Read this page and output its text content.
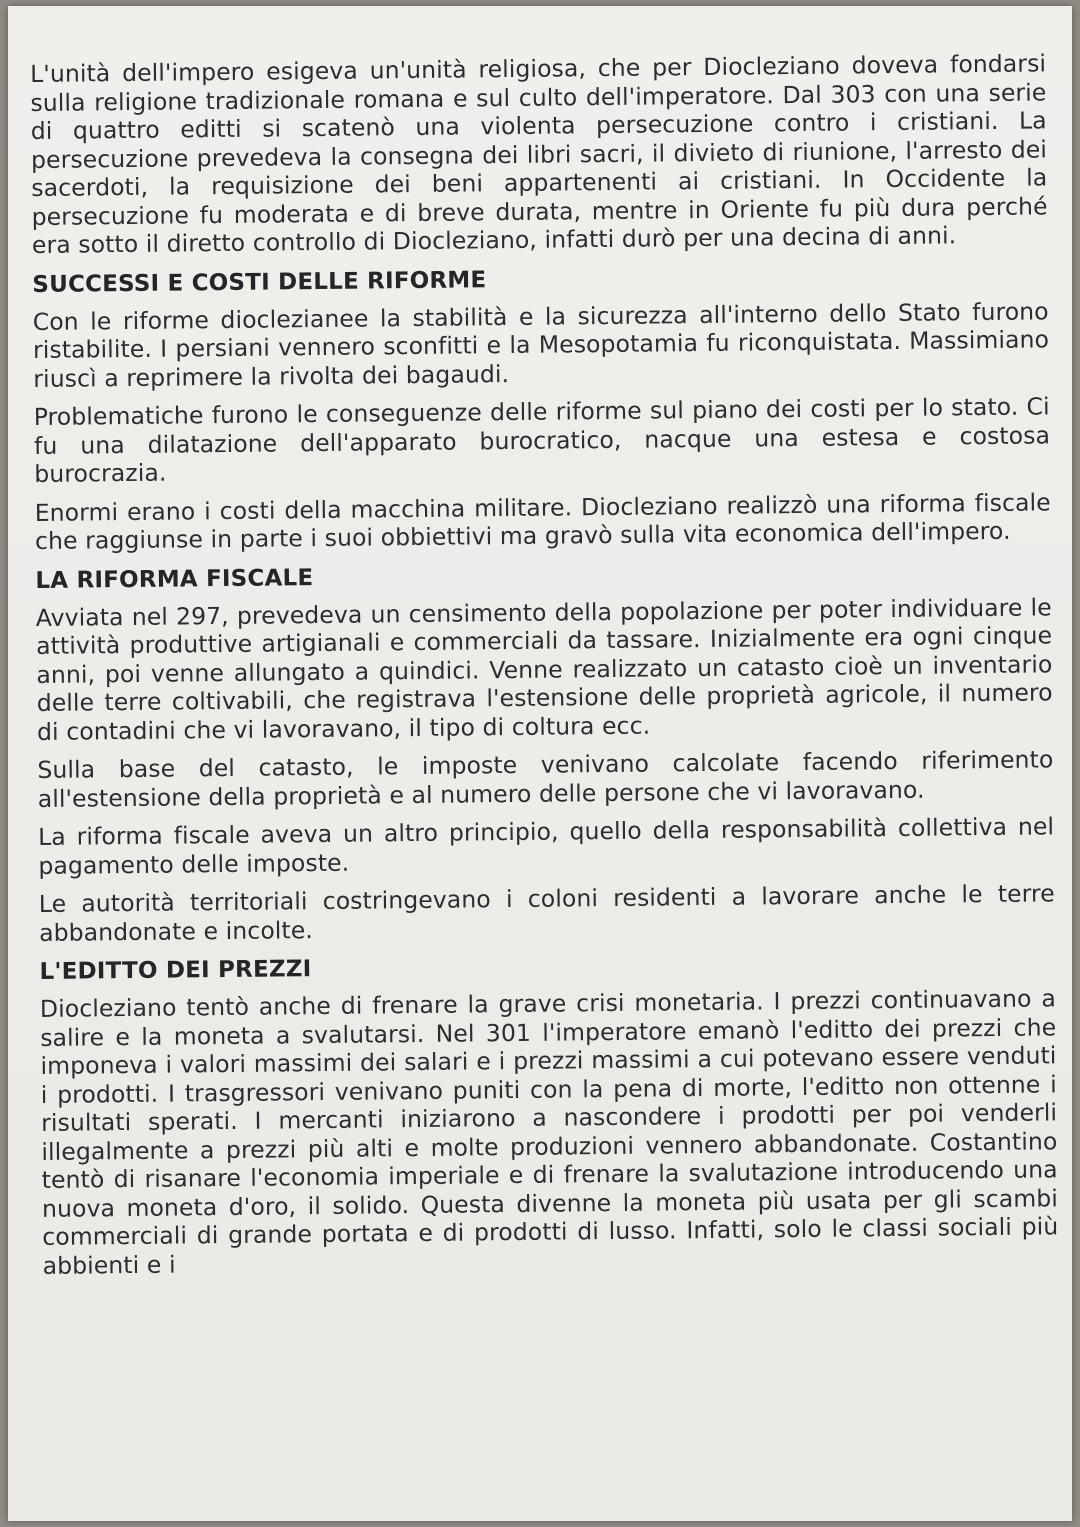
L'unità dell'impero esigeva un'unità religiosa, che per Diocleziano doveva fondarsi sulla religione tradizionale romana e sul culto dell'imperatore. Dal 303 con una serie di quattro editti si scatenò una violenta persecuzione contro i cristiani. La persecuzione prevedeva la consegna dei libri sacri, il divieto di riunione, l'arresto dei sacerdoti, la requisizione dei beni appartenenti ai cristiani. In Occidente la persecuzione fu moderata e di breve durata, mentre in Oriente fu più dura perché era sotto il diretto controllo di Diocleziano, infatti durò per una decina di anni.

SUCCESSI E COSTI DELLE RIFORME

Con le riforme dioclezianee la stabilità e la sicurezza all'interno dello Stato furono ristabilite. I persiani vennero sconfitti e la Mesopotamia fu riconquistata. Massimiano riuscì a reprimere la rivolta dei bagaudi.

Problematiche furono le conseguenze delle riforme sul piano dei costi per lo stato. Ci fu una dilatazione dell'apparato burocratico, nacque una estesa e costosa burocrazia.

Enormi erano i costi della macchina militare. Diocleziano realizzò una riforma fiscale che raggiunse in parte i suoi obbiettivi ma gravò sulla vita economica dell'impero.

LA RIFORMA FISCALE

Avviata nel 297, prevedeva un censimento della popolazione per poter individuare le attività produttive artigianali e commerciali da tassare. Inizialmente era ogni cinque anni, poi venne allungato a quindici. Venne realizzato un catasto cioè un inventario delle terre coltivabili, che registrava l'estensione delle proprietà agricole, il numero di contadini che vi lavoravano, il tipo di coltura ecc.

Sulla base del catasto, le imposte venivano calcolate facendo riferimento all'estensione della proprietà e al numero delle persone che vi lavoravano.

La riforma fiscale aveva un altro principio, quello della responsabilità collettiva nel pagamento delle imposte.

Le autorità territoriali costringevano i coloni residenti a lavorare anche le terre abbandonate e incolte.

L'EDITTO DEI PREZZI

Diocleziano tentò anche di frenare la grave crisi monetaria. I prezzi continuavano a salire e la moneta a svalutarsi. Nel 301 l'imperatore emanò l'editto dei prezzi che imponeva i valori massimi dei salari e i prezzi massimi a cui potevano essere venduti i prodotti. I trasgressori venivano puniti con la pena di morte, l'editto non ottenne i risultati sperati. I mercanti iniziarono a nascondere i prodotti per poi venderli illegalmente a prezzi più alti e molte produzioni vennero abbandonate. Costantino tentò di risanare l'economia imperiale e di frenare la svalutazione introducendo una nuova moneta d'oro, il solido. Questa divenne la moneta più usata per gli scambi commerciali di grande portata e di prodotti di lusso. Infatti, solo le classi sociali più abbienti e i
